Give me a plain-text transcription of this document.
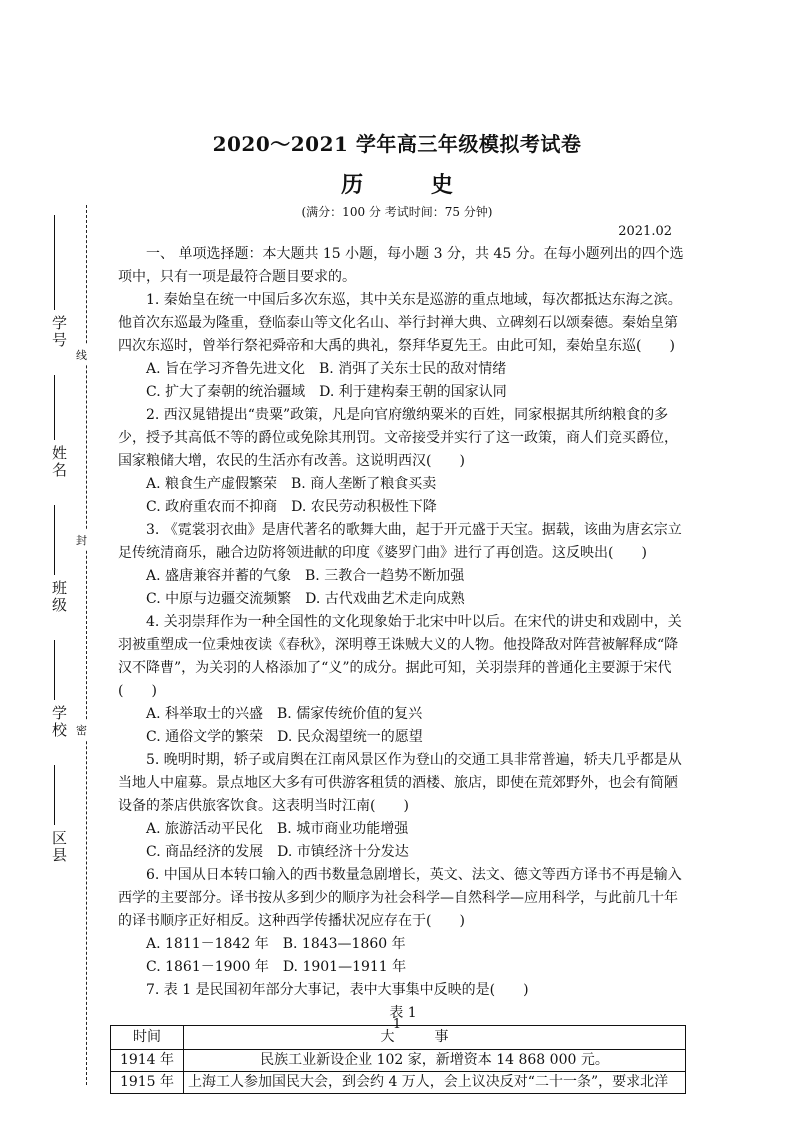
2020～2021 学年高三年级模拟考试卷
历 史
(满分：100 分 考试时间：75 分钟)
2021.02
学号
姓名
班级
学校
区县
线
封
密

一、 单项选择题：本大题共 15 小题，每小题 3 分，共 45 分。在每小题列出的四个选项中，只有一项是最符合题目要求的。

1. 秦始皇在统一中国后多次东巡，其中关东是巡游的重点地域，每次都抵达东海之滨。他首次东巡最为隆重，登临泰山等文化名山、举行封禅大典、立碑刻石以颂秦德。秦始皇第四次东巡时，曾举行祭祀舜帝和大禹的典礼，祭拜华夏先王。由此可知，秦始皇东巡(　　)

A. 旨在学习齐鲁先进文化 B. 消弭了关东士民的敌对情绪

C. 扩大了秦朝的统治疆域 D. 利于建构秦王朝的国家认同

2. 西汉晁错提出“贵粟”政策，凡是向官府缴纳粟米的百姓，同家根据其所纳粮食的多少，授予其高低不等的爵位或免除其刑罚。文帝接受并实行了这一政策，商人们竞买爵位，国家粮储大增，农民的生活亦有改善。这说明西汉(　　)

A. 粮食生产虚假繁荣 B. 商人垄断了粮食买卖

C. 政府重农而不抑商 D. 农民劳动积极性下降

3. 《霓裳羽衣曲》是唐代著名的歌舞大曲，起于开元盛于天宝。据载，该曲为唐玄宗立足传统清商乐，融合边防将领进献的印度《婆罗门曲》进行了再创造。这反映出(　　)

A. 盛唐兼容并蓄的气象 B. 三教合一趋势不断加强

C. 中原与边疆交流频繁 D. 古代戏曲艺术走向成熟

4. 关羽崇拜作为一种全国性的文化现象始于北宋中叶以后。在宋代的讲史和戏剧中，关羽被重塑成一位秉烛夜读《春秋》，深明尊王诛贼大义的人物。他投降敌对阵营被解释成“降汉不降曹”，为关羽的人格添加了“义”的成分。据此可知，关羽崇拜的普通化主要源于宋代(　　)

A. 科举取士的兴盛 B. 儒家传统价值的复兴

C. 通俗文学的繁荣 D. 民众渴望统一的愿望

5. 晚明时期，轿子或肩舆在江南风景区作为登山的交通工具非常普遍，轿夫几乎都是从当地人中雇募。景点地区大多有可供游客租赁的酒楼、旅店，即使在荒郊野外，也会有简陋设备的茶店供旅客饮食。这表明当时江南(　　)

A. 旅游活动平民化 B. 城市商业功能增强

C. 商品经济的发展 D. 市镇经济十分发达

6. 中国从日本转口输入的西书数量急剧增长，英文、法文、德文等西方译书不再是输入西学的主要部分。译书按从多到少的顺序为社会科学—自然科学—应用科学，与此前几十年的译书顺序正好相反。这种西学传播状况应存在于(　　)

A. 1811－1842 年 B. 1843—1860 年

C. 1861－1900 年 D. 1901—1911 年

7. 表 1 是民国初年部分大事记，表中大事集中反映的是(　　)

表 1

时间	大事
1914 年	民族工业新设企业 102 家，新增资本 14 868 000 元。
1915 年	上海工人参加国民大会，到会约 4 万人，会上议决反对“二十一条”，要求北洋
1
